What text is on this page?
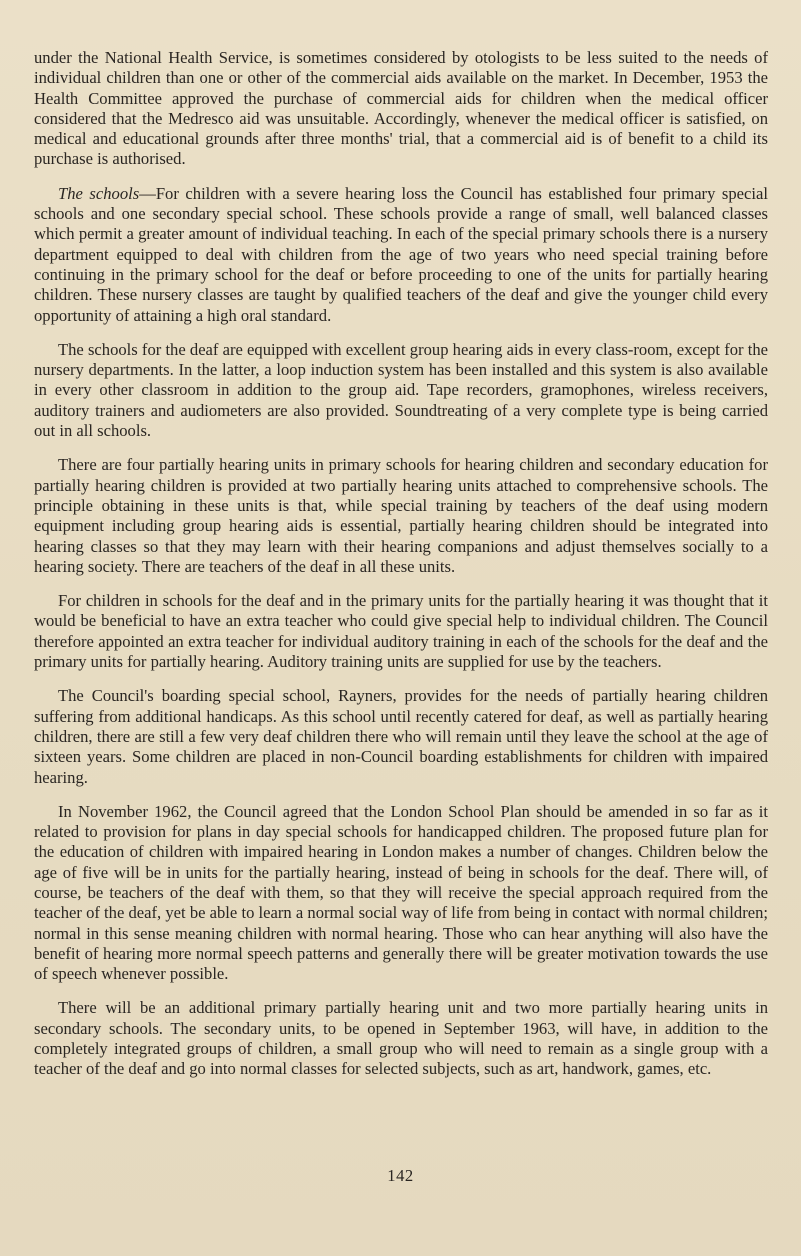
under the National Health Service, is sometimes considered by otologists to be less suited to the needs of individual children than one or other of the commercial aids available on the market. In December, 1953 the Health Committee approved the purchase of commercial aids for children when the medical officer considered that the Medresco aid was unsuitable. Accordingly, whenever the medical officer is satisfied, on medical and educational grounds after three months' trial, that a commercial aid is of benefit to a child its purchase is authorised.

The schools—For children with a severe hearing loss the Council has established four primary special schools and one secondary special school. These schools provide a range of small, well balanced classes which permit a greater amount of individual teaching. In each of the special primary schools there is a nursery department equipped to deal with children from the age of two years who need special training before continuing in the primary school for the deaf or before proceeding to one of the units for partially hearing children. These nursery classes are taught by qualified teachers of the deaf and give the younger child every opportunity of attaining a high oral standard.

The schools for the deaf are equipped with excellent group hearing aids in every class-room, except for the nursery departments. In the latter, a loop induction system has been installed and this system is also available in every other classroom in addition to the group aid. Tape recorders, gramophones, wireless receivers, auditory trainers and audiometers are also provided. Soundtreating of a very complete type is being carried out in all schools.

There are four partially hearing units in primary schools for hearing children and secondary education for partially hearing children is provided at two partially hearing units attached to comprehensive schools. The principle obtaining in these units is that, while special training by teachers of the deaf using modern equipment including group hearing aids is essential, partially hearing children should be integrated into hearing classes so that they may learn with their hearing companions and adjust themselves socially to a hearing society. There are teachers of the deaf in all these units.

For children in schools for the deaf and in the primary units for the partially hearing it was thought that it would be beneficial to have an extra teacher who could give special help to individual children. The Council therefore appointed an extra teacher for individual auditory training in each of the schools for the deaf and the primary units for partially hearing. Auditory training units are supplied for use by the teachers.

The Council's boarding special school, Rayners, provides for the needs of partially hearing children suffering from additional handicaps. As this school until recently catered for deaf, as well as partially hearing children, there are still a few very deaf children there who will remain until they leave the school at the age of sixteen years. Some children are placed in non-Council boarding establishments for children with impaired hearing.

In November 1962, the Council agreed that the London School Plan should be amended in so far as it related to provision for plans in day special schools for handicapped children. The proposed future plan for the education of children with impaired hearing in London makes a number of changes. Children below the age of five will be in units for the partially hearing, instead of being in schools for the deaf. There will, of course, be teachers of the deaf with them, so that they will receive the special approach required from the teacher of the deaf, yet be able to learn a normal social way of life from being in contact with normal children; normal in this sense meaning children with normal hearing. Those who can hear anything will also have the benefit of hearing more normal speech patterns and generally there will be greater motivation towards the use of speech whenever possible.

There will be an additional primary partially hearing unit and two more partially hearing units in secondary schools. The secondary units, to be opened in September 1963, will have, in addition to the completely integrated groups of children, a small group who will need to remain as a single group with a teacher of the deaf and go into normal classes for selected subjects, such as art, handwork, games, etc.

142
